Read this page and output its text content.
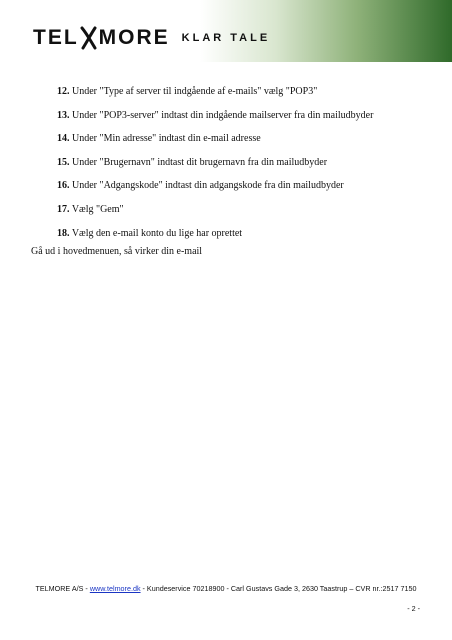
TEL MORE KLAR TALE
12. Under "Type af server til indgående af e-mails" vælg "POP3"
13. Under "POP3-server" indtast din indgående mailserver fra din mailudbyder
14. Under "Min adresse" indtast din e-mail adresse
15. Under "Brugernavn" indtast dit brugernavn fra din mailudbyder
16. Under "Adgangskode" indtast din adgangskode fra din mailudbyder
17. Vælg "Gem"
18. Vælg den e-mail konto du lige har oprettet

Gå ud i hovedmenuen, så virker din e-mail

TELMORE A/S - www.telmore.dk - Kundeservice 70218900 - Carl Gustavs Gade 3, 2630 Taastrup – CVR nr.:2517 7150
- 2 -
